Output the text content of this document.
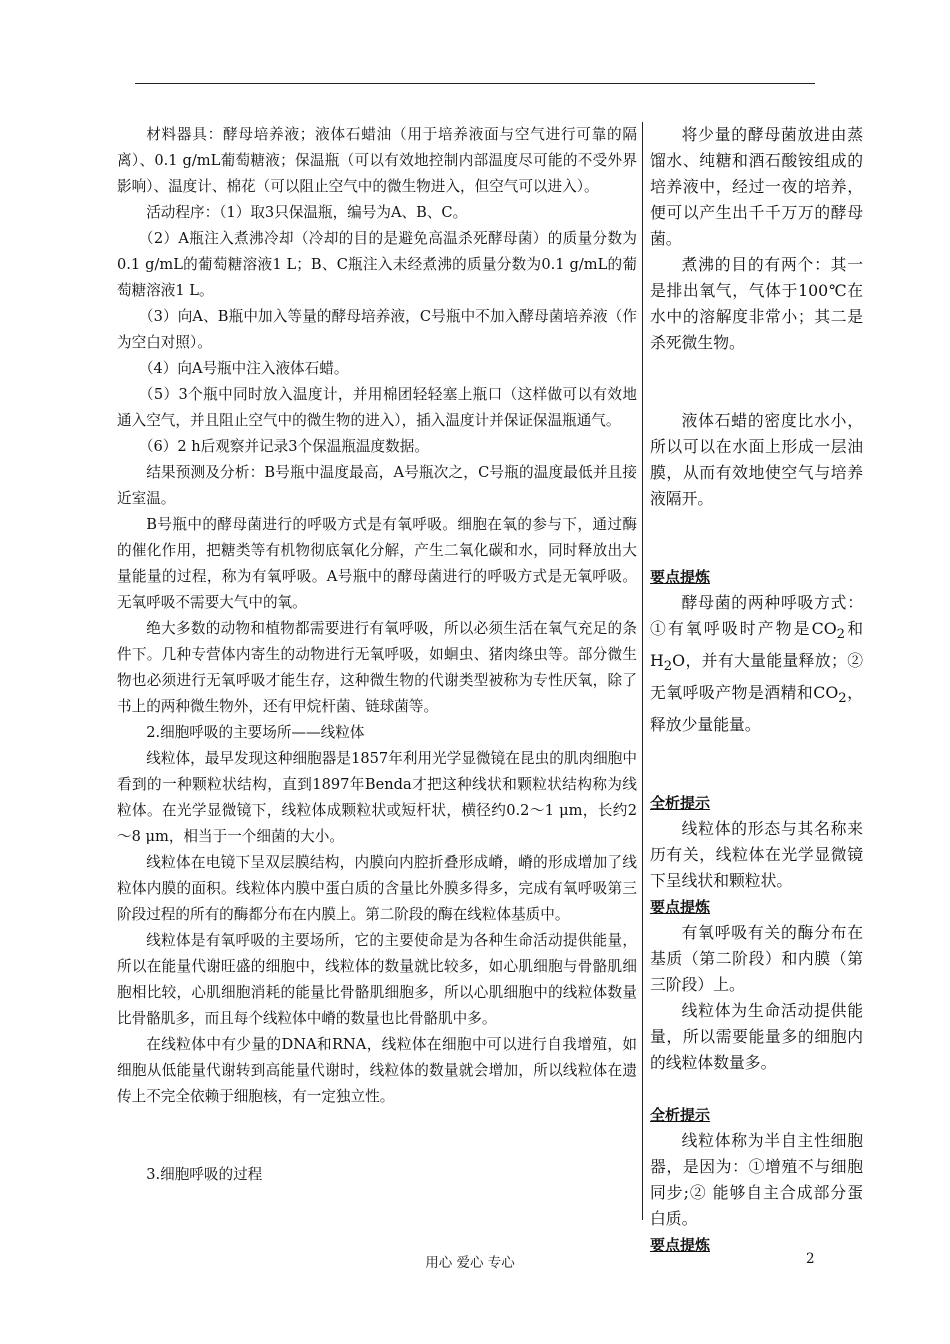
材料器具：酵母培养液；液体石蜡油（用于培养液面与空气进行可靠的隔离）、0.1 g/mL葡萄糖液；保温瓶（可以有效地控制内部温度尽可能的不受外界影响）、温度计、棉花（可以阻止空气中的微生物进入，但空气可以进入）。

活动程序：（1）取3只保温瓶，编号为A、B、C。

（2）A瓶注入煮沸冷却（冷却的目的是避免高温杀死酵母菌）的质量分数为0.1 g/mL的葡萄糖溶液1 L；B、C瓶注入未经煮沸的质量分数为0.1 g/mL的葡萄糖溶液1 L。

（3）向A、B瓶中加入等量的酵母培养液，C号瓶中不加入酵母菌培养液（作为空白对照）。

（4）向A号瓶中注入液体石蜡。

（5）3个瓶中同时放入温度计，并用棉团轻轻塞上瓶口（这样做可以有效地通入空气，并且阻止空气中的微生物的进入），插入温度计并保证保温瓶通气。

（6）2 h后观察并记录3个保温瓶温度数据。

结果预测及分析：B号瓶中温度最高，A号瓶次之，C号瓶的温度最低并且接近室温。

B号瓶中的酵母菌进行的呼吸方式是有氧呼吸。细胞在氧的参与下，通过酶的催化作用，把糖类等有机物彻底氧化分解，产生二氧化碳和水，同时释放出大量能量的过程，称为有氧呼吸。A号瓶中的酵母菌进行的呼吸方式是无氧呼吸。无氧呼吸不需要大气中的氧。

绝大多数的动物和植物都需要进行有氧呼吸，所以必须生活在氧气充足的条件下。几种专营体内寄生的动物进行无氧呼吸，如蛔虫、猪肉绦虫等。部分微生物也必须进行无氧呼吸才能生存，这种微生物的代谢类型被称为专性厌氧，除了书上的两种微生物外，还有甲烷杆菌、链球菌等。

2.细胞呼吸的主要场所——线粒体

线粒体，最早发现这种细胞器是1857年利用光学显微镜在昆虫的肌肉细胞中看到的一种颗粒状结构，直到1897年Benda才把这种线状和颗粒状结构称为线粒体。在光学显微镜下，线粒体成颗粒状或短杆状，横径约0.2～1 μm，长约2～8 μm，相当于一个细菌的大小。

线粒体在电镜下呈双层膜结构，内膜向内腔折叠形成嵴，嵴的形成增加了线粒体内膜的面积。线粒体内膜中蛋白质的含量比外膜多得多，完成有氧呼吸第三阶段过程的所有的酶都分布在内膜上。第二阶段的酶在线粒体基质中。

线粒体是有氧呼吸的主要场所，它的主要使命是为各种生命活动提供能量，所以在能量代谢旺盛的细胞中，线粒体的数量就比较多，如心肌细胞与骨骼肌细胞相比较，心肌细胞消耗的能量比骨骼肌细胞多，所以心肌细胞中的线粒体数量比骨骼肌多，而且每个线粒体中嵴的数量也比骨骼肌中多。

在线粒体中有少量的DNA和RNA，线粒体在细胞中可以进行自我增殖，如细胞从低能量代谢转到高能量代谢时，线粒体的数量就会增加，所以线粒体在遗传上不完全依赖于细胞核，有一定独立性。

3.细胞呼吸的过程

将少量的酵母菌放进由蒸馏水、纯糖和酒石酸铵组成的培养液中，经过一夜的培养，便可以产生出千千万万的酵母菌。

煮沸的目的有两个：其一是排出氧气，气体于100℃在水中的溶解度非常小；其二是杀死微生物。

液体石蜡的密度比水小，所以可以在水面上形成一层油膜，从而有效地使空气与培养液隔开。

要点提炼

酵母菌的两种呼吸方式：①有氧呼吸时产物是$CO_2$和$H_2O$，并有大量能量释放；②无氧呼吸产物是酒精和$CO_2$，释放少量能量。

全析提示

线粒体的形态与其名称来历有关，线粒体在光学显微镜下呈线状和颗粒状。

要点提炼

有氧呼吸有关的酶分布在基质（第二阶段）和内膜（第三阶段）上。

线粒体为生命活动提供能量，所以需要能量多的细胞内的线粒体数量多。

全析提示

线粒体称为半自主性细胞器，是因为：①增殖不与细胞同步;② 能够自主合成部分蛋白质。

要点提炼

用心 爱心 专心	2
